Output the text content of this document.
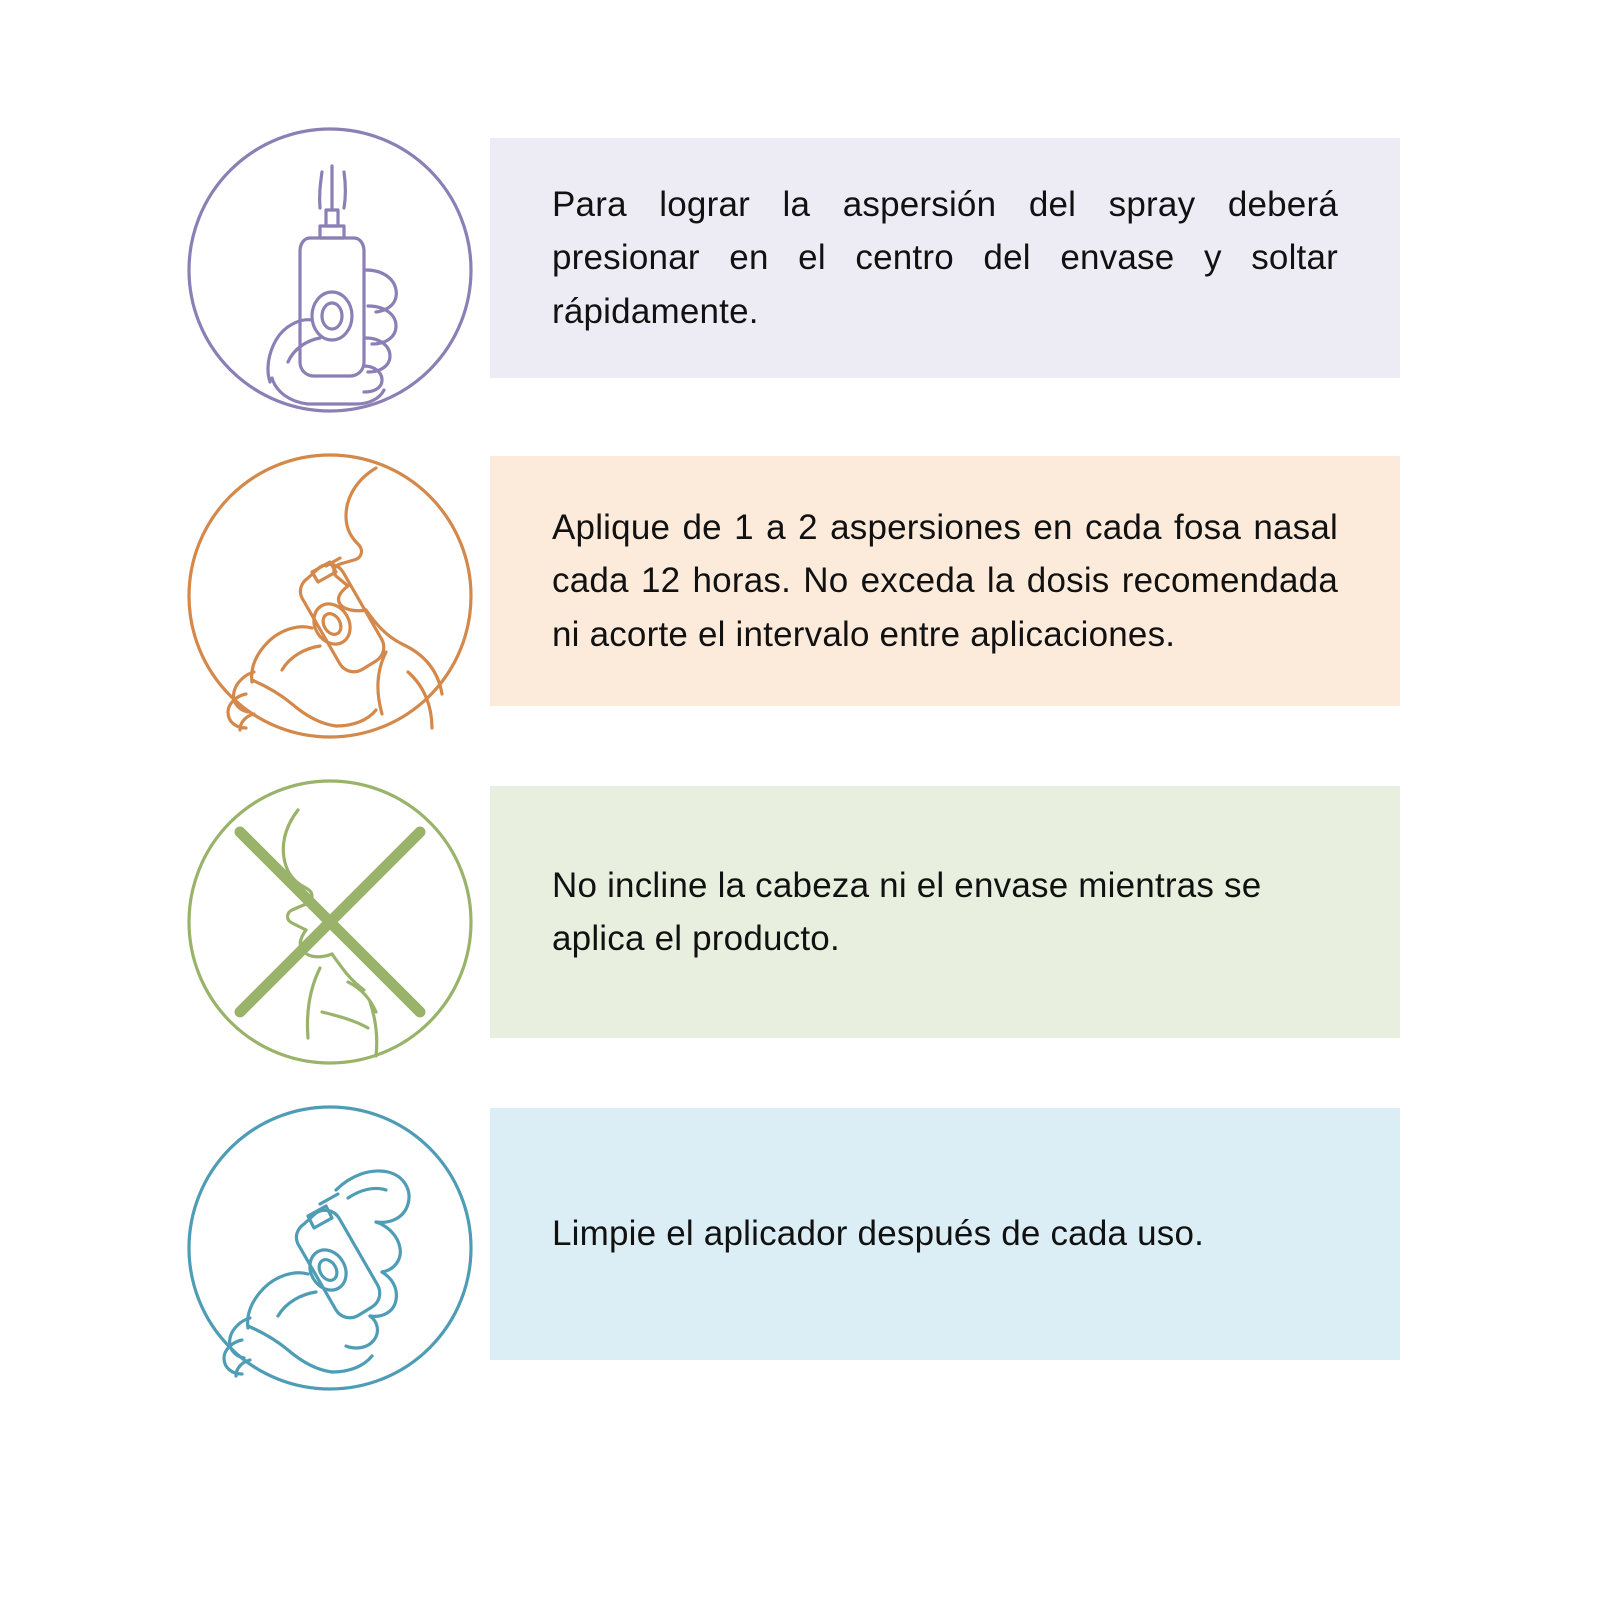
Para lograr la aspersión del spray deberá presionar en el centro del envase y soltar rápidamente.

Aplique de 1 a 2 aspersiones en cada fosa nasal cada 12 horas. No exceda la dosis recomendada ni acorte el intervalo entre aplicaciones.

No incline la cabeza ni el envase mientras se aplica el producto.

Limpie el aplicador después de cada uso.
